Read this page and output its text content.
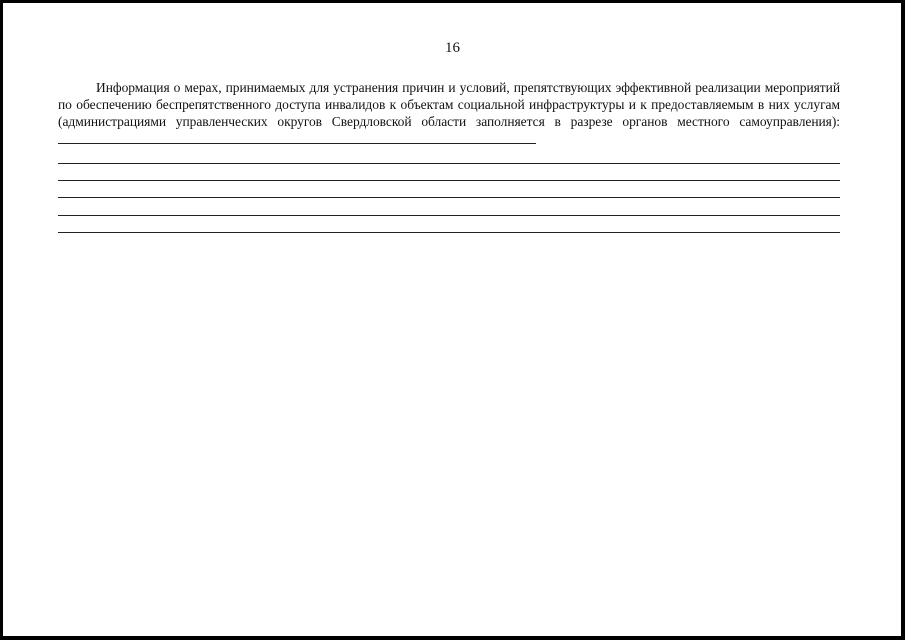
16

Информация о мерах, принимаемых для устранения причин и условий, препятствующих эффективной реализации мероприятий по обеспечению беспрепятственного доступа инвалидов к объектам социальной инфраструктуры и к предоставляемым в них услугам (администрациями управленческих округов Свердловской области заполняется в разрезе органов местного самоуправления):
